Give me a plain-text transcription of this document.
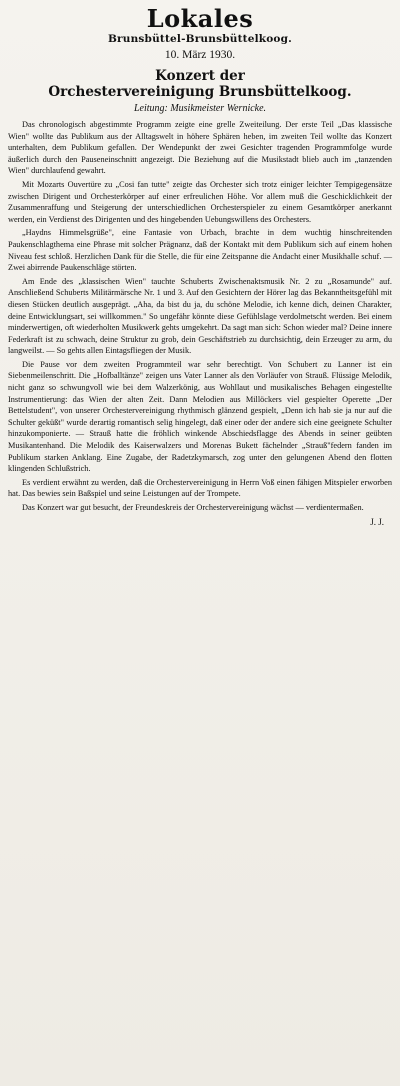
Lokales
Brunsbüttel-Brunsbüttelkoog.
10. März 1930.
Konzert der
Orchestervereinigung Brunsbüttelkoog.
Leitung: Musikmeister Wernicke.

Das chronologisch abgestimmte Programm zeigte eine grelle Zweiteilung. Der erste Teil „Das klassische Wien" wollte das Publikum aus der Alltagswelt in höhere Sphären heben, im zweiten Teil wollte das Konzert unterhalten, dem Publikum gefallen. Der Wendepunkt der zwei Gesichter tragenden Programmfolge wurde äußerlich durch den Pauseneinschnitt angezeigt. Die Beziehung auf die Musikstadt blieb auch im „tanzenden Wien" durchlaufend gewahrt.

Mit Mozarts Ouvertüre zu „Cosi fan tutte" zeigte das Orchester sich trotz einiger leichter Tempigegensätze zwischen Dirigent und Orchesterkörper auf einer erfreulichen Höhe. Vor allem muß die Geschicklichkeit der Zusammenraffung und Steigerung der unterschiedlichen Orchesterspieler zu einem Gesamtkörper anerkannt werden, ein Verdienst des Dirigenten und des hingebenden Uebungswillens des Orchesters.

„Haydns Himmelsgrüße", eine Fantasie von Urbach, brachte in dem wuchtig hinschreitenden Paukenschlagthema eine Phrase mit solcher Prägnanz, daß der Kontakt mit dem Publikum sich auf einem hohen Niveau fest schloß. Herzlichen Dank für die Stelle, die für eine Zeitspanne die Andacht einer Musikhalle schuf. — Zwei abirrende Paukenschläge störten.

Am Ende des „klassischen Wien" tauchte Schuberts Zwischenaktsmusik Nr. 2 zu „Rosamunde" auf. Anschließend Schuberts Militärmärsche Nr. 1 und 3. Auf den Gesichtern der Hörer lag das Bekanntheitsgefühl mit diesen Stücken deutlich ausgeprägt. „Aha, da bist du ja, du schöne Melodie, ich kenne dich, deinen Charakter, deine Entwicklungsart, sei willkommen." So ungefähr könnte diese Gefühlslage verdolmetscht werden. Bei einem minderwertigen, oft wiederholten Musikwerk gehts umgekehrt. Da sagt man sich: Schon wieder mal? Deine innere Federkraft ist zu schwach, deine Struktur zu grob, dein Geschäftstrieb zu durchsichtig, dein Erzeuger zu arm, du langweilst. — So gehts allen Eintagsfliegen der Musik.

Die Pause vor dem zweiten Programmteil war sehr berechtigt. Von Schubert zu Lanner ist ein Siebenmeilenschritt. Die „Hofballtänze" zeigen uns Vater Lanner als den Vorläufer von Strauß. Flüssige Melodik, nicht ganz so schwungvoll wie bei dem Walzerkönig, aus Wohllaut und musikalisches Behagen eingestellte Instrumentierung: das Wien der alten Zeit. Dann Melodien aus Millöckers viel gespielter Operette „Der Bettelstudent", von unserer Orchestervereinigung rhythmisch glänzend gespielt, „Denn ich hab sie ja nur auf die Schulter geküßt" wurde derartig romantisch selig hingelegt, daß einer oder der andere sich eine geeignete Schulter hinzukomponierte. — Strauß hatte die fröhlich winkende Abschiedsflagge des Abends in seiner geübten Musikantenhand. Die Melodik des Kaiserwalzers und Morenas Bukett fächelnder „Strauß"federn fanden im Publikum starken Anklang. Eine Zugabe, der Radetzkymarsch, zog unter den gelungenen Abend den flotten klingenden Schlußstrich.

Es verdient erwähnt zu werden, daß die Orchestervereinigung in Herrn Voß einen fähigen Mitspieler erworben hat. Das bewies sein Baßspiel und seine Leistungen auf der Trompete.

Das Konzert war gut besucht, der Freundeskreis der Orchestervereinigung wächst — verdientermaßen.

J. J.
